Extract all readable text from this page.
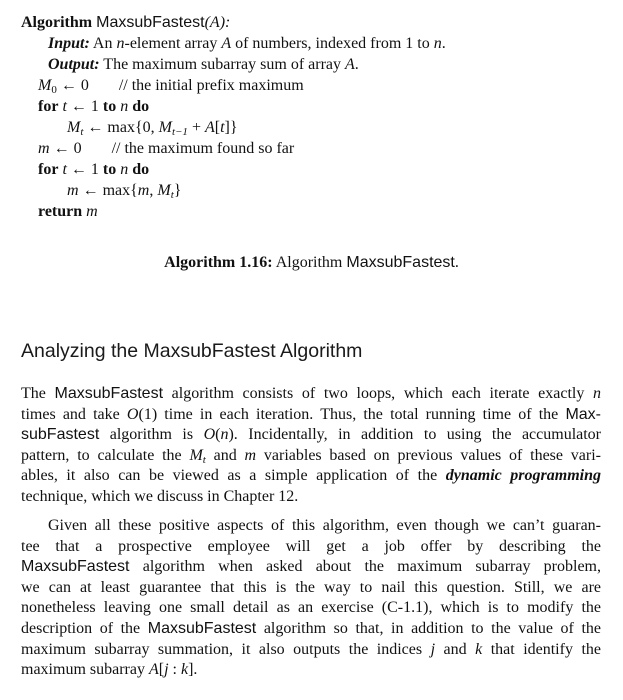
Algorithm MaxsubFastest(A):
Input: An n-element array A of numbers, indexed from 1 to n.
Output: The maximum subarray sum of array A.
$M_0$ ← 0 // the initial prefix maximum
for t ← 1 to n do
$M_t$ ← max{0, $M_{t-1} + A[t]$}
m ← 0 // the maximum found so far
for t ← 1 to n do
m ← max{m, $M_t$}
return m
Algorithm 1.16: Algorithm MaxsubFastest.
Analyzing the MaxsubFastest Algorithm
The MaxsubFastest algorithm consists of two loops, which each iterate exactly n
times and take O(1) time in each iteration. Thus, the total running time of the Max-
subFastest algorithm is O(n). Incidentally, in addition to using the accumulator
pattern, to calculate the $M_t$ and m variables based on previous values of these vari-
ables, it also can be viewed as a simple application of the dynamic programming
technique, which we discuss in Chapter 12.
Given all these positive aspects of this algorithm, even though we can’t guaran-
tee that a prospective employee will get a job offer by describing the
MaxsubFastest algorithm when asked about the maximum subarray problem,
we can at least guarantee that this is the way to nail this question. Still, we are
nonetheless leaving one small detail as an exercise (C-1.1), which is to modify the
description of the MaxsubFastest algorithm so that, in addition to the value of the
maximum subarray summation, it also outputs the indices j and k that identify the
maximum subarray A[j : k].
